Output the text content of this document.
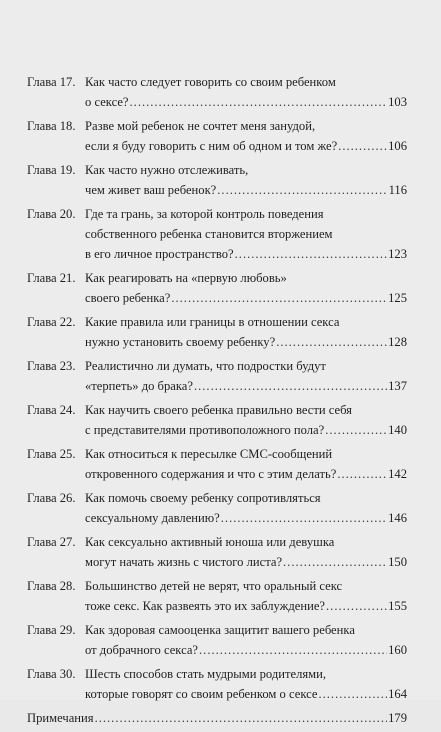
Глава 17. Как часто следует говорить со своим ребенком
о сексе? .....	103
Глава 18. Разве мой ребенок не сочтет меня занудой,
если я буду говорить с ним об одном и том же? .....	106
Глава 19. Как часто нужно отслеживать,
чем живет ваш ребенок? .....	116
Глава 20. Где та грань, за которой контроль поведения
собственного ребенка становится вторжением
в его личное пространство? .....	123
Глава 21. Как реагировать на «первую любовь»
своего ребенка? .....	125
Глава 22. Какие правила или границы в отношении секса
нужно установить своему ребенку? .....	128
Глава 23. Реалистично ли думать, что подростки будут
«терпеть» до брака? .....	137
Глава 24. Как научить своего ребенка правильно вести себя
с представителями противоположного пола? .....	140
Глава 25. Как относиться к пересылке СМС-сообщений
откровенного содержания и что с этим делать? .....	142
Глава 26. Как помочь своему ребенку сопротивляться
сексуальному давлению? .....	146
Глава 27. Как сексуально активный юноша или девушка
могут начать жизнь с чистого листа? .....	150
Глава 28. Большинство детей не верят, что оральный секс
тоже секс. Как развеять это их заблуждение? .....	155
Глава 29. Как здоровая самооценка защитит вашего ребенка
от добрачного секса? .....	160
Глава 30. Шесть способов стать мудрыми родителями,
которые говорят со своим ребенком о сексе .....	164
Примечания .....	179
